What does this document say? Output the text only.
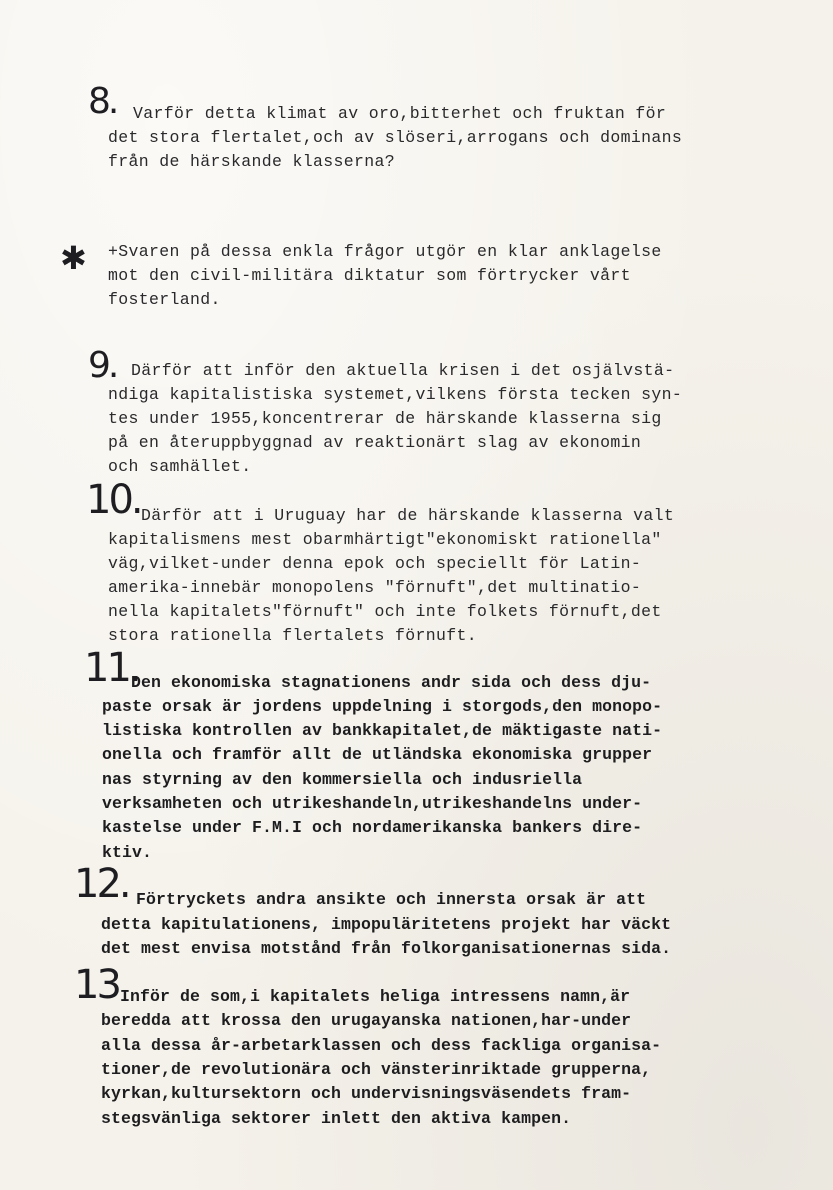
8. Varför detta klimat av oro,bitterhet och fruktan för
det stora flertalet,och av slöseri,arrogans och dominans
från de härskande klasserna?
✱ +Svaren på dessa enkla frågor utgör en klar anklagelse
mot den civil-militära diktatur som förtrycker vårt
fosterland.
9. Därför att inför den aktuella krisen i det osjälvstä-
ndiga kapitalistiska systemet,vilkens första tecken syn-
tes under 1955,koncentrerar de härskande klasserna sig
på en återuppbyggnad av reaktionärt slag av ekonomin
och samhället.
10. Därför att i Uruguay har de härskande klasserna valt
kapitalismens mest obarmhärtigt"ekonomiskt rationella"
väg,vilket-under denna epok och speciellt för Latin-
amerika-innebär monopolens "förnuft",det multinatio-
nella kapitalets"förnuft" och inte folkets förnuft,det
stora rationella flertalets förnuft.
11.
Den ekonomiska stagnationens andr sida och dess dju-
paste orsak är jordens uppdelning i storgods,den monopo-
listiska kontrollen av bankkapitalet,de mäktigaste nati-
onella och framför allt de utländska ekonomiska grupper
nas styrning av den kommersiella och indusriella
verksamheten och utrikeshandeln,utrikeshandelns under-
kastelse under F.M.I och nordamerikanska bankers dire-
ktiv.
12. Förtryckets andra ansikte och innersta orsak är att
detta kapitulationens, impopuläritetens projekt har väckt
det mest envisa motstånd från folkorganisationernas sida.
13 Inför de som,i kapitalets heliga intressens namn,är
beredda att krossa den urugayanska nationen,har-under
alla dessa år-arbetarklassen och dess fackliga organisa-
tioner,de revolutionära och vänsterinriktade grupperna,
kyrkan,kultursektorn och undervisningsväsendets fram-
stegsvänliga sektorer inlett den aktiva kampen.
